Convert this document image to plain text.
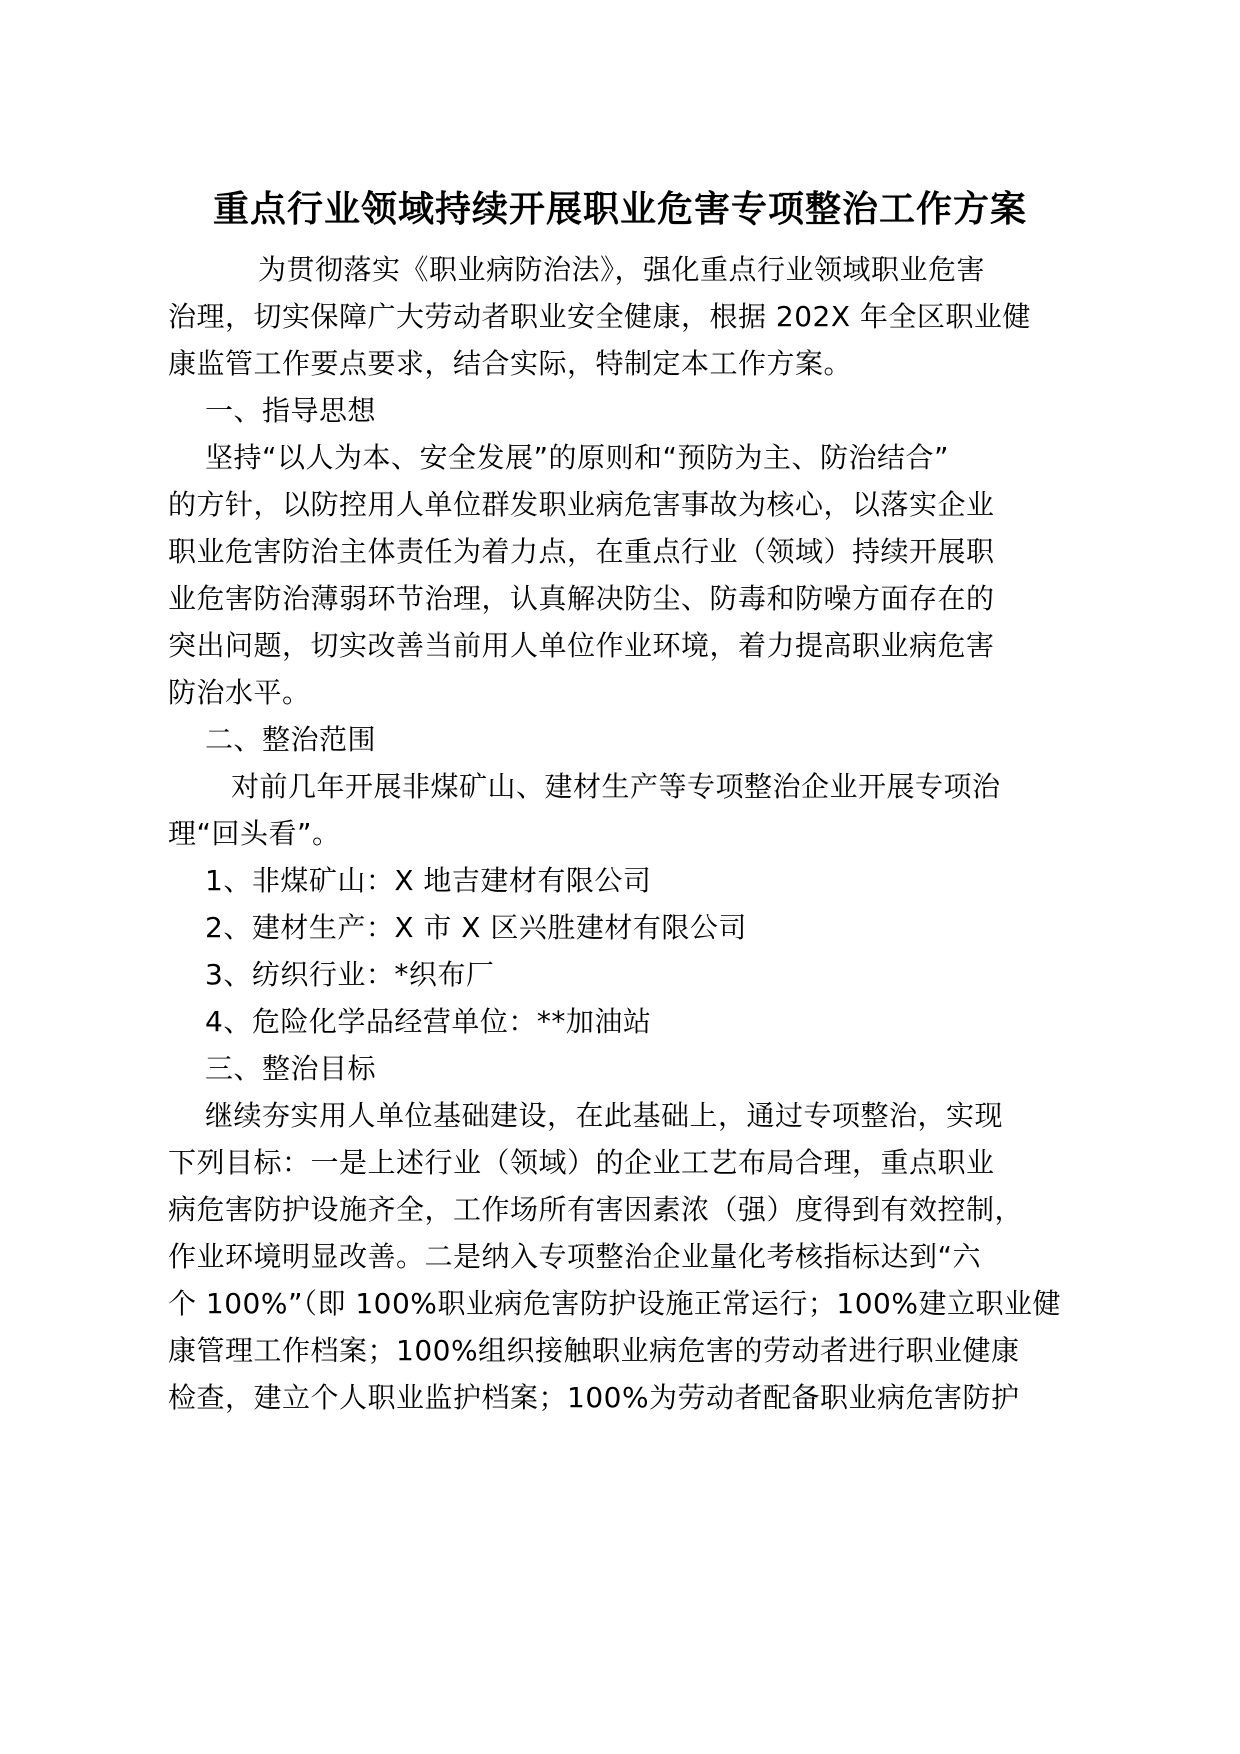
重点行业领域持续开展职业危害专项整治工作方案
为贯彻落实《职业病防治法》，强化重点行业领域职业危害
治理，切实保障广大劳动者职业安全健康，根据 202X 年全区职业健
康监管工作要点要求，结合实际，特制定本工作方案。
一、指导思想
坚持“以人为本、安全发展”的原则和“预防为主、防治结合”
的方针，以防控用人单位群发职业病危害事故为核心，以落实企业
职业危害防治主体责任为着力点，在重点行业（领域）持续开展职
业危害防治薄弱环节治理，认真解决防尘、防毒和防噪方面存在的
突出问题，切实改善当前用人单位作业环境，着力提高职业病危害
防治水平。
二、整治范围
对前几年开展非煤矿山、建材生产等专项整治企业开展专项治
理“回头看”。
1、非煤矿山：X 地吉建材有限公司
2、建材生产：X 市 X 区兴胜建材有限公司
3、纺织行业：*织布厂
4、危险化学品经营单位：**加油站
三、整治目标
继续夯实用人单位基础建设，在此基础上，通过专项整治，实现
下列目标：一是上述行业（领域）的企业工艺布局合理，重点职业
病危害防护设施齐全，工作场所有害因素浓（强）度得到有效控制，
作业环境明显改善。二是纳入专项整治企业量化考核指标达到“六
个 100%”（即 100%职业病危害防护设施正常运行；100%建立职业健
康管理工作档案；100%组织接触职业病危害的劳动者进行职业健康
检查，建立个人职业监护档案；100%为劳动者配备职业病危害防护
